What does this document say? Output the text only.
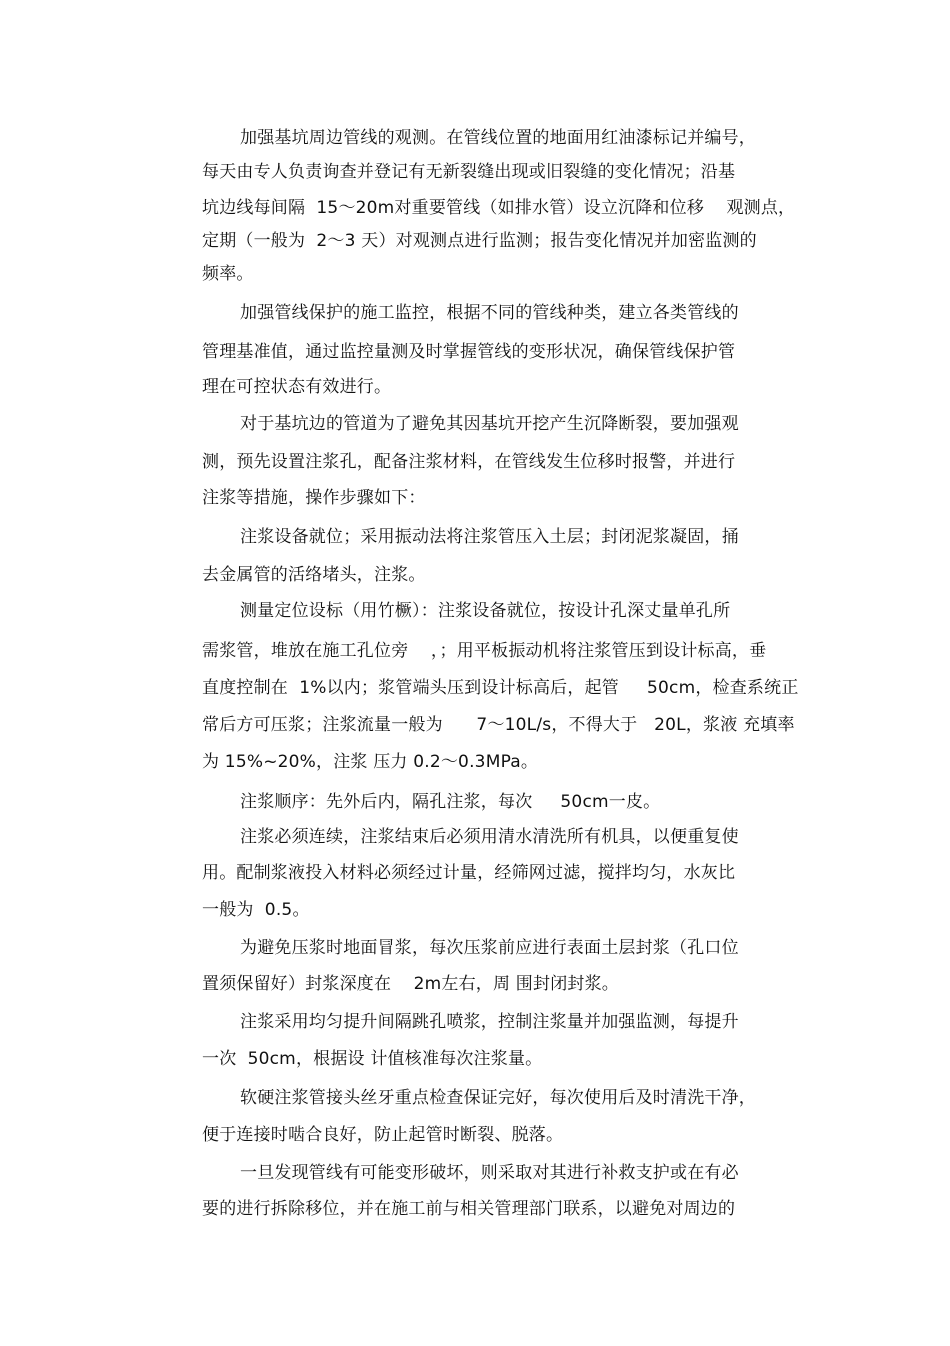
加强基坑周边管线的观测。在管线位置的地面用红油漆标记并编号，
每天由专人负责询查并登记有无新裂缝出现或旧裂缝的变化情况；沿基
坑边线每间隔  15～20m对重要管线（如排水管）设立沉降和位移    观测点，
定期（一般为  2～3 天）对观测点进行监测；报告变化情况并加密监测的
频率。
加强管线保护的施工监控，根据不同的管线种类，建立各类管线的
管理基准值，通过监控量测及时掌握管线的变形状况，确保管线保护管
理在可控状态有效进行。
对于基坑边的管道为了避免其因基坑开挖产生沉降断裂，要加强观
测，预先设置注浆孔，配备注浆材料，在管线发生位移时报警，并进行
注浆等措施，操作步骤如下：
注浆设备就位；采用振动法将注浆管压入土层；封闭泥浆凝固，捅
去金属管的活络堵头，注浆。
测量定位设标（用竹橛）：注浆设备就位，按设计孔深丈量单孔所
需浆管，堆放在施工孔位旁    ，；用平板振动机将注浆管压到设计标高，垂
直度控制在  1%以内；浆管端头压到设计标高后，起管     50cm，检查系统正
常后方可压浆；注浆流量一般为      7～10L/s，不得大于   20L，浆液 充填率
为 15%~20%，注浆 压力 0.2～0.3MPa。
注浆顺序：先外后内，隔孔注浆，每次     50cm一皮。
注浆必须连续，注浆结束后必须用清水清洗所有机具，以便重复使
用。配制浆液投入材料必须经过计量，经筛网过滤，搅拌均匀，水灰比
一般为  0.5。
为避免压浆时地面冒浆，每次压浆前应进行表面土层封浆（孔口位
置须保留好）封浆深度在    2m左右，周 围封闭封浆。
注浆采用均匀提升间隔跳孔喷浆，控制注浆量并加强监测，每提升
一次  50cm，根据设 计值核准每次注浆量。
软硬注浆管接头丝牙重点检查保证完好，每次使用后及时清洗干净，
便于连接时啮合良好，防止起管时断裂、脱落。
一旦发现管线有可能变形破坏，则采取对其进行补救支护或在有必
要的进行拆除移位，并在施工前与相关管理部门联系，以避免对周边的
